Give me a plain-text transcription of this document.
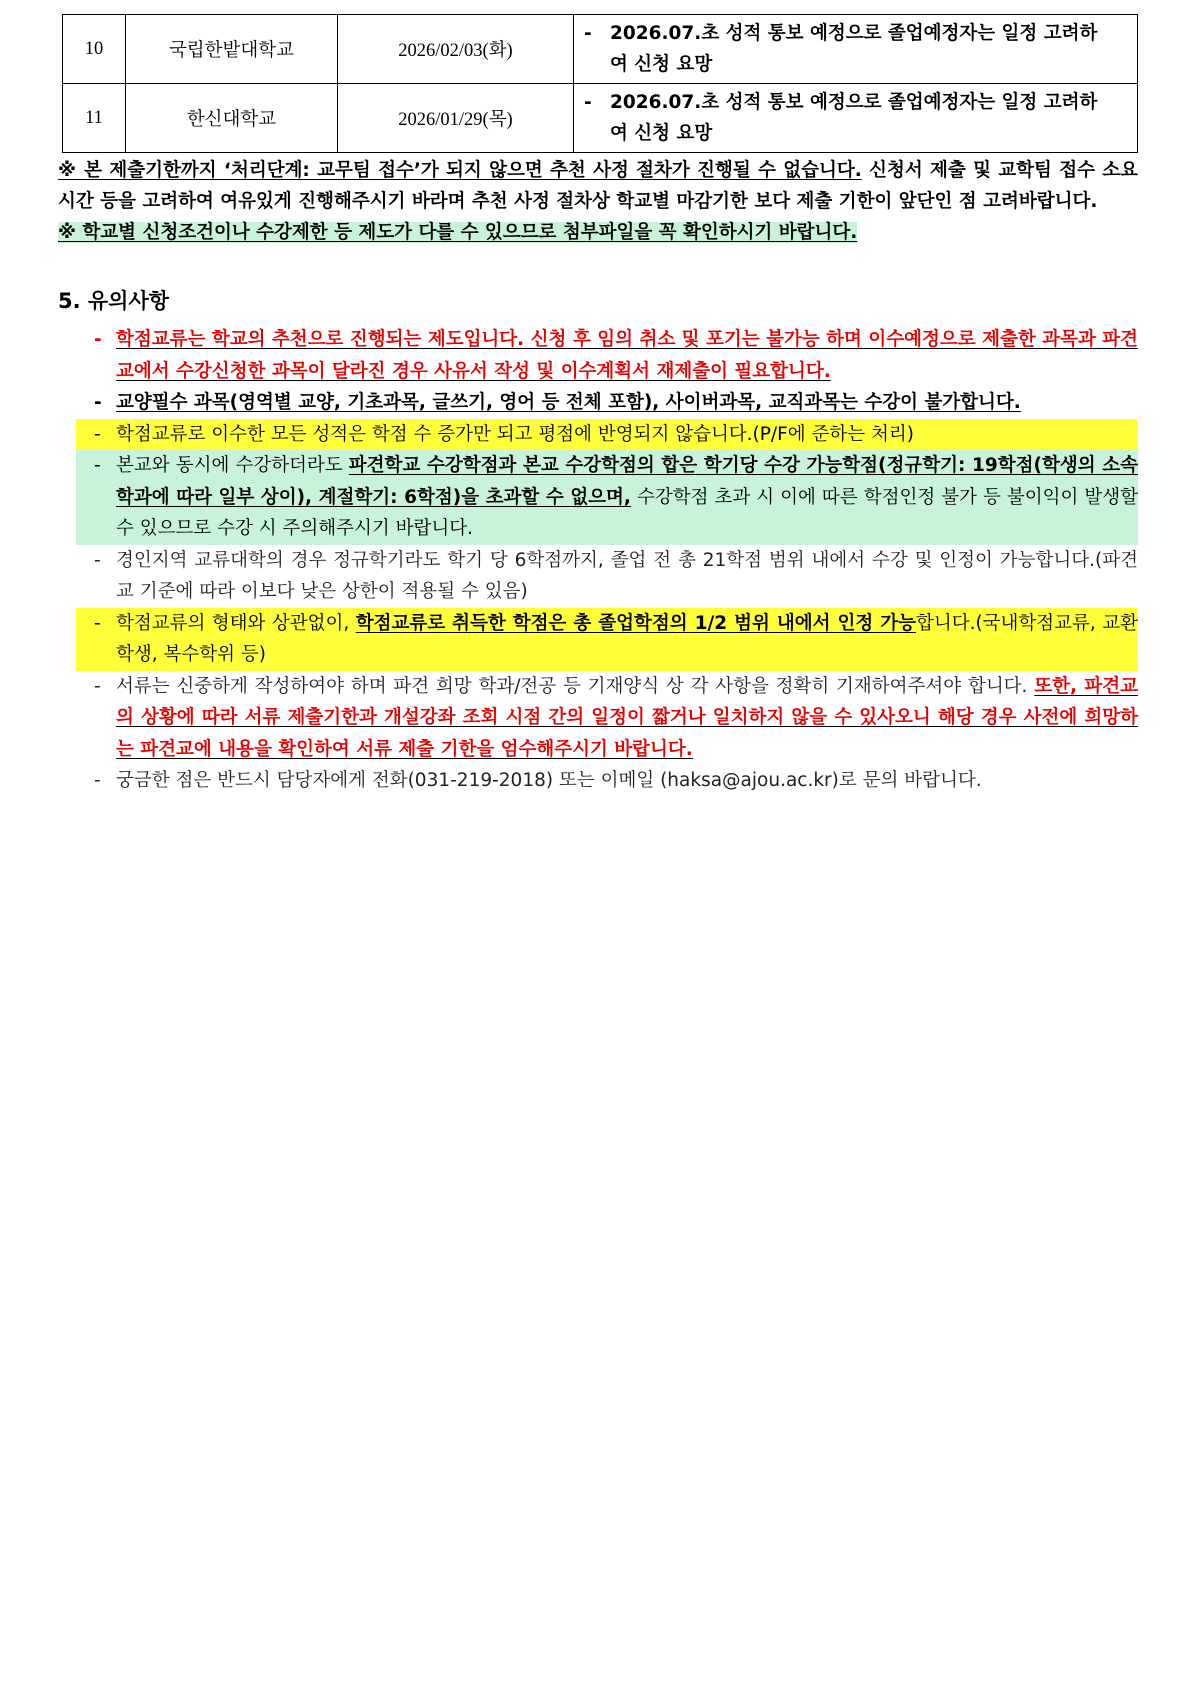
10	국립한밭대학교	2026/02/03(화)	- 2026.07.초 성적 통보 예정으로 졸업예정자는 일정 고려하
여 신청 요망

11	한신대학교	2026/01/29(목)	- 2026.07.초 성적 통보 예정으로 졸업예정자는 일정 고려하
여 신청 요망
※ 본 제출기한까지 ‘처리단계: 교무팀 접수’가 되지 않으면 추천 사정 절차가 진행될 수 없습니다. 신청서 제출 및 교학팀 접수 소요시간 등을 고려하여 여유있게 진행해주시기 바라며 추천 사정 절차상 학교별 마감기한 보다 제출 기한이 앞단인 점 고려바랍니다.
※ 학교별 신청조건이나 수강제한 등 제도가 다를 수 있으므로 첨부파일을 꼭 확인하시기 바랍니다.
5. 유의사항
- 학점교류는 학교의 추천으로 진행되는 제도입니다. 신청 후 임의 취소 및 포기는 불가능 하며 이수예정으로 제출한 과목과 파견교에서 수강신청한 과목이 달라진 경우 사유서 작성 및 이수계획서 재제출이 필요합니다.
- 교양필수 과목(영역별 교양, 기초과목, 글쓰기, 영어 등 전체 포함), 사이버과목, 교직과목는 수강이 불가합니다.
- 학점교류로 이수한 모든 성적은 학점 수 증가만 되고 평점에 반영되지 않습니다.(P/F에 준하는 처리)
- 본교와 동시에 수강하더라도 파견학교 수강학점과 본교 수강학점의 합은 학기당 수강 가능학점(정규학기: 19학점(학생의 소속학과에 따라 일부 상이), 계절학기: 6학점)을 초과할 수 없으며, 수강학점 초과 시 이에 따른 학점인정 불가 등 불이익이 발생할 수 있으므로 수강 시 주의해주시기 바랍니다.
- 경인지역 교류대학의 경우 정규학기라도 학기 당 6학점까지, 졸업 전 총 21학점 범위 내에서 수강 및 인정이 가능합니다.(파견교 기준에 따라 이보다 낮은 상한이 적용될 수 있음)
- 학점교류의 형태와 상관없이, 학점교류로 취득한 학점은 총 졸업학점의 1/2 범위 내에서 인정 가능합니다.(국내학점교류, 교환학생, 복수학위 등)
- 서류는 신중하게 작성하여야 하며 파견 희망 학과/전공 등 기재양식 상 각 사항을 정확히 기재하여주셔야 합니다. 또한, 파견교의 상황에 따라 서류 제출기한과 개설강좌 조회 시점 간의 일정이 짧거나 일치하지 않을 수 있사오니 해당 경우 사전에 희망하는 파견교에 내용을 확인하여 서류 제출 기한을 엄수해주시기 바랍니다.
- 궁금한 점은 반드시 담당자에게 전화(031-219-2018) 또는 이메일 (haksa@ajou.ac.kr)로 문의 바랍니다.
